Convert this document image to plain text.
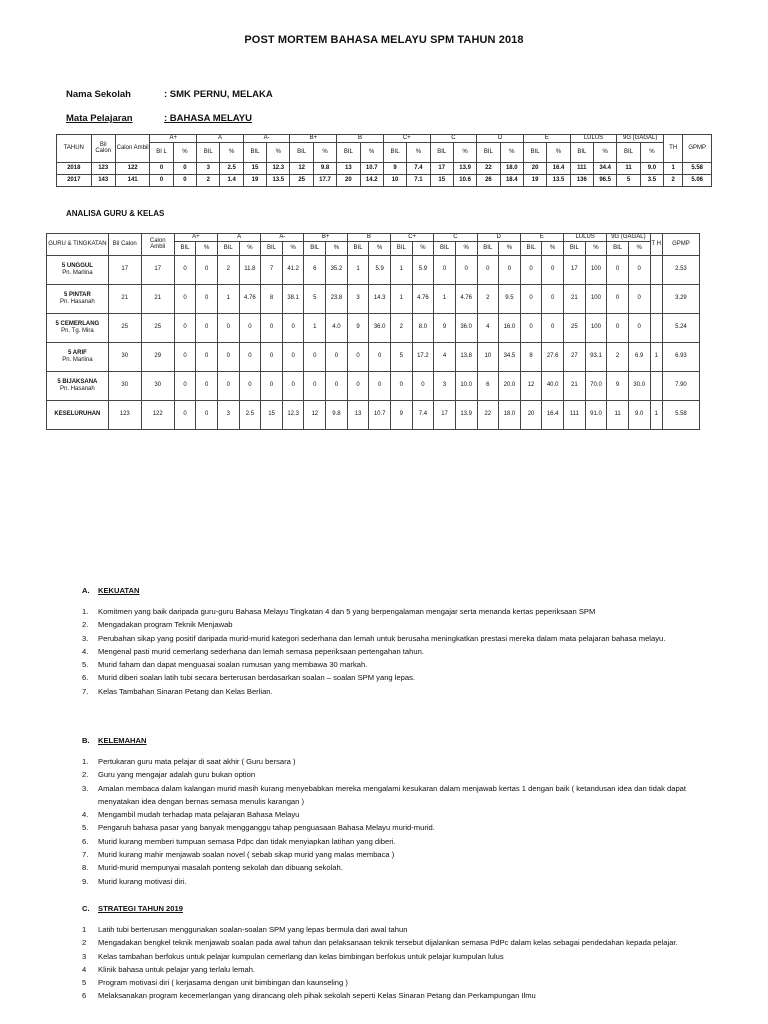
POST MORTEM BAHASA MELAYU SPM TAHUN 2018
Nama Sekolah	: SMK PERNU, MELAKA
Mata Pelajaran	: BAHASA MELAYU
TAHUN	Bil Calon	Calon Ambil	A+		A		A-		B+		B		C+		C		D		E		LULUS		9G (GAGAL)		TH	GPMP
			BI L	%	BIL	%	BIL	%	BIL	%	BIL	%	BIL	%	BIL	%	BIL	%	BIL	%	BIL	%	BIL	%		
2018	123	122	0	0	3	2.5	15	12.3	12	9.8	13	10.7	9	7.4	17	13.9	22	18.0	20	16.4	111	34.4	11	9.0	1	5.58
2017	143	141	0	0	2	1.4	19	13.5	25	17.7	20	14.2	10	7.1	15	10.6	26	18.4	19	13.5	136	96.5	5	3.5	2	5.06
ANALISA GURU & KELAS
GURU & TINGKATAN	Bil Calon	Calon Ambil	A+		A		A-		B+		B		C+		C		D		E		LULUS		9G (GAGAL)		T H	GPMP
			BIL	%	BIL	%	BIL	%	BIL	%	BIL	%	BIL	%	BIL	%	BIL	%	BIL	%	BIL	%	BIL	%		

5 UNGGUL
Pn. Marlina	17	17	0	0	2	11.8	7	41.2	6	35.2	1	5.9	1	5.9	0	0	0	0	0	0	17	100	0	0		2.53

5 PINTAR
Pn. Hasanah	21	21	0	0	1	4.76	8	38.1	5	23.8	3	14.3	1	4.76	1	4.76	2	9.5	0	0	21	100	0	0		3.29

5 CEMERLANG
Pn. Tg. Mira	25	25	0	0	0	0	0	0	1	4.0	9	36.0	2	8.0	9	36.0	4	16.0	0	0	25	100	0	0		5.24

5 ARIF
Pn. Marlina	30	29	0	0	0	0	0	0	0	0	0	0	5	17.2	4	13.8	10	34.5	8	27.6	27	93.1	2	6.9	1	6.93

5 BIJAKSANA
Pn. Hasanah	30	30	0	0	0	0	0	0	0	0	0	0	0	0	3	10.0	6	20.0	12	40.0	21	70.0	9	30.0		7.90
KESELURUHAN	123	122	0	0	3	2.5	15	12.3	12	9.8	13	10.7	9	7.4	17	13.9	22	18.0	20	16.4	111	91.0	11	9.0	1	5.58
A. KEKUATAN
1.	Komitmen yang baik daripada guru-guru Bahasa Melayu Tingkatan 4 dan 5 yang berpengalaman mengajar serta menanda kertas peperiksaan SPM
2.	Mengadakan program Teknik Menjawab
3.	Perubahan sikap yang positif daripada murid-murid kategori sederhana dan lemah untuk berusaha meningkatkan prestasi mereka dalam mata pelajaran bahasa melayu.
4.	Mengenal pasti murid cemerlang sederhana dan lemah semasa peperiksaan pertengahan tahun.
5.	Murid faham dan dapat menguasai soalan rumusan yang membawa 30 markah.
6.	Murid diberi soalan latih tubi secara berterusan berdasarkan soalan – soalan SPM yang lepas.
7.	Kelas Tambahan Sinaran Petang dan Kelas Berlian.
B. KELEMAHAN
1.	Pertukaran guru mata pelajar di saat akhir ( Guru bersara )
2.	Guru yang mengajar adalah guru bukan option
3.	Amalan membaca dalam kalangan murid masih kurang menyebabkan mereka mengalami kesukaran dalam menjawab kertas 1 dengan baik ( ketandusan idea dan tidak dapat menyatakan idea dengan bernas semasa menulis karangan )
4.	Mengambil mudah terhadap mata pelajaran Bahasa Melayu
5.	Pengaruh bahasa pasar yang banyak mengganggu tahap penguasaan Bahasa Melayu murid-murid.
6.	Murid kurang memberi tumpuan semasa Pdpc dan tidak menyiapkan latihan yang diberi.
7.	Murid kurang mahir menjawab soalan novel ( sebab sikap murid yang malas membaca )
8.	Murid-murid mempunyai masalah ponteng sekolah dan dibuang sekolah.
9.	Murid kurang motivasi diri.
C. STRATEGI TAHUN 2019
1	Latih tubi berterusan menggunakan soalan-soalan SPM yang lepas bermula dari awal tahun
2	Mengadakan bengkel teknik menjawab soalan pada awal tahun dan pelaksanaan teknik tersebut dijalankan semasa PdPc dalam kelas sebagai pendedahan kepada pelajar.
3	Kelas tambahan berfokus untuk pelajar kumpulan cemerlang dan kelas bimbingan berfokus untuk pelajar kumpulan lulus
4	Klinik bahasa untuk pelajar yang terlalu lemah.
5	Program motivasi diri ( kerjasama dengan unit bimbingan dan kaunseling )
6	Melaksanakan program kecemerlangan yang dirancang oleh pihak sekolah seperti Kelas Sinaran Petang dan Perkampungan Ilmu
